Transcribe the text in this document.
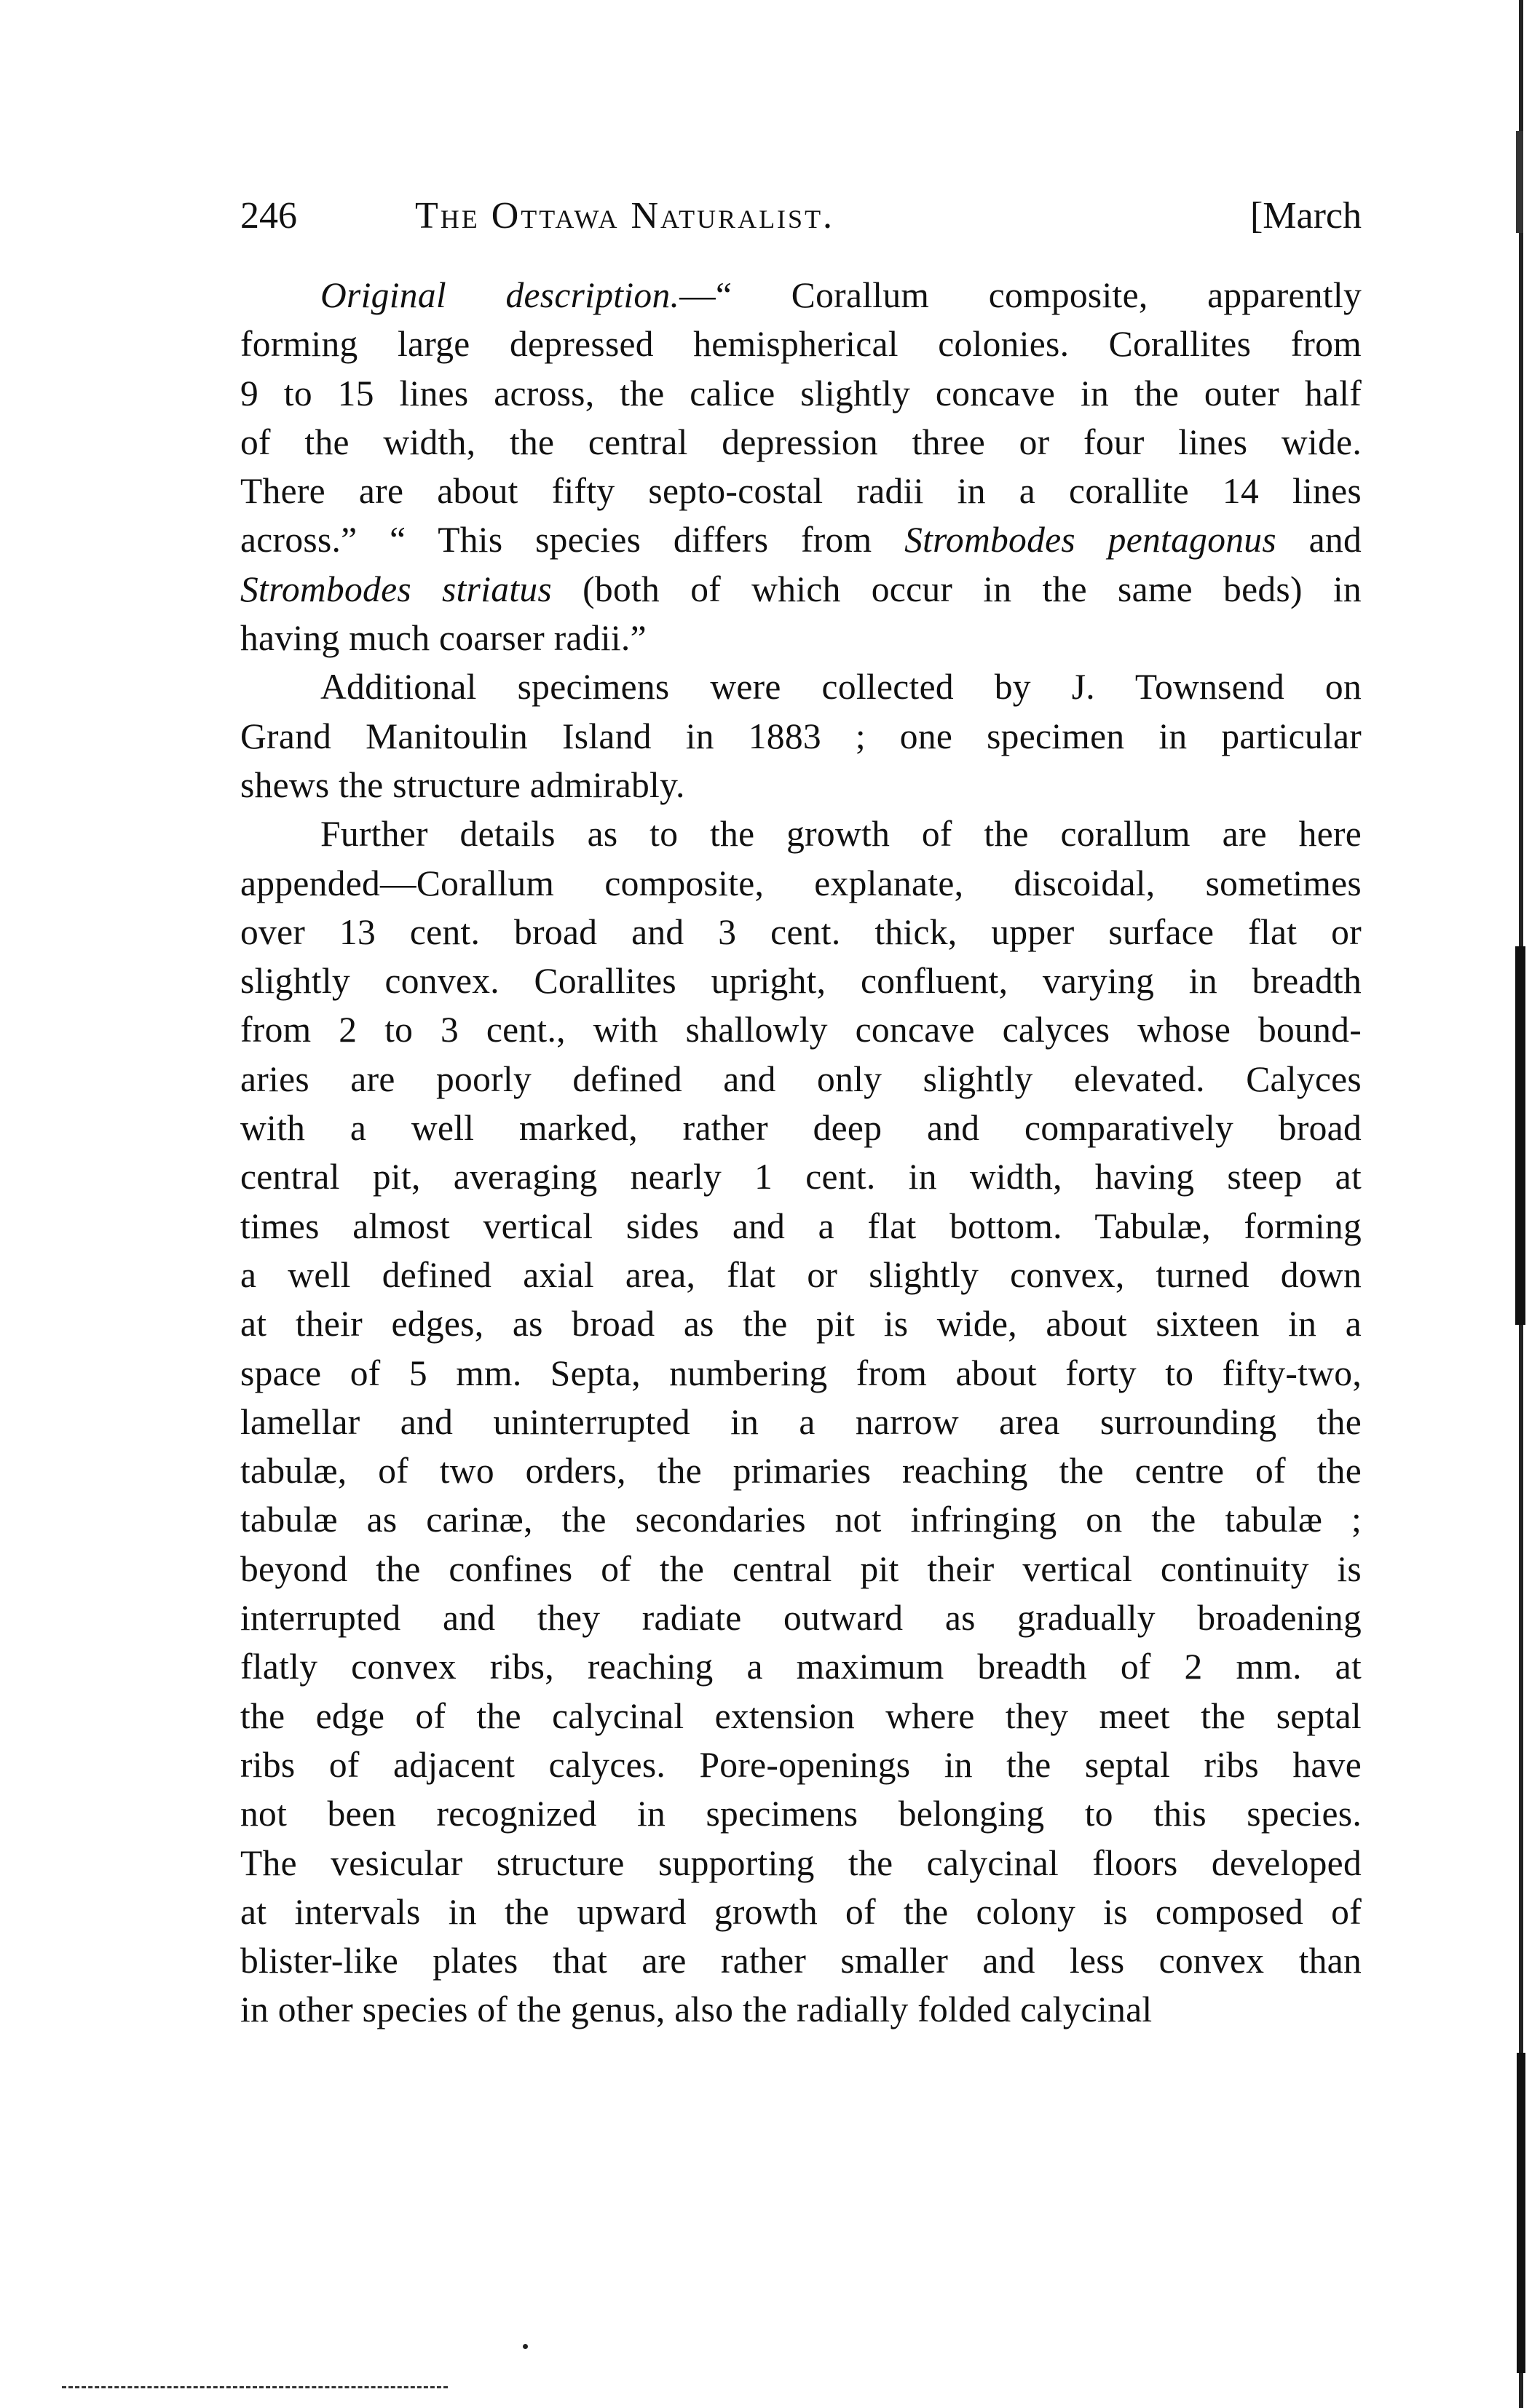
246	The Ottawa Naturalist.	[March

Original description.—“ Corallum composite, apparently
forming large depressed hemispherical colonies. Corallites from
9 to 15 lines across, the calice slightly concave in the outer half
of the width, the central depression three or four lines wide.
There are about fifty septo-costal radii in a corallite 14 lines
across.” “ This species differs from Strombodes pentagonus and
Strombodes striatus (both of which occur in the same beds) in
having much coarser radii.”

Additional specimens were collected by J. Townsend on
Grand Manitoulin Island in 1883 ; one specimen in particular
shews the structure admirably.

Further details as to the growth of the corallum are here
appended—Corallum composite, explanate, discoidal, sometimes
over 13 cent. broad and 3 cent. thick, upper surface flat or
slightly convex. Corallites upright, confluent, varying in breadth
from 2 to 3 cent., with shallowly concave calyces whose bound-
aries are poorly defined and only slightly elevated. Calyces
with a well marked, rather deep and comparatively broad
central pit, averaging nearly 1 cent. in width, having steep at
times almost vertical sides and a flat bottom. Tabulæ, forming
a well defined axial area, flat or slightly convex, turned down
at their edges, as broad as the pit is wide, about sixteen in a
space of 5 mm. Septa, numbering from about forty to fifty-two,
lamellar and uninterrupted in a narrow area surrounding the
tabulæ, of two orders, the primaries reaching the centre of the
tabulæ as carinæ, the secondaries not infringing on the tabulæ ;
beyond the confines of the central pit their vertical continuity is
interrupted and they radiate outward as gradually broadening
flatly convex ribs, reaching a maximum breadth of 2 mm. at
the edge of the calycinal extension where they meet the septal
ribs of adjacent calyces. Pore-openings in the septal ribs have
not been recognized in specimens belonging to this species.
The vesicular structure supporting the calycinal floors developed
at intervals in the upward growth of the colony is composed of
blister-like plates that are rather smaller and less convex than
in other species of the genus, also the radially folded calycinal
